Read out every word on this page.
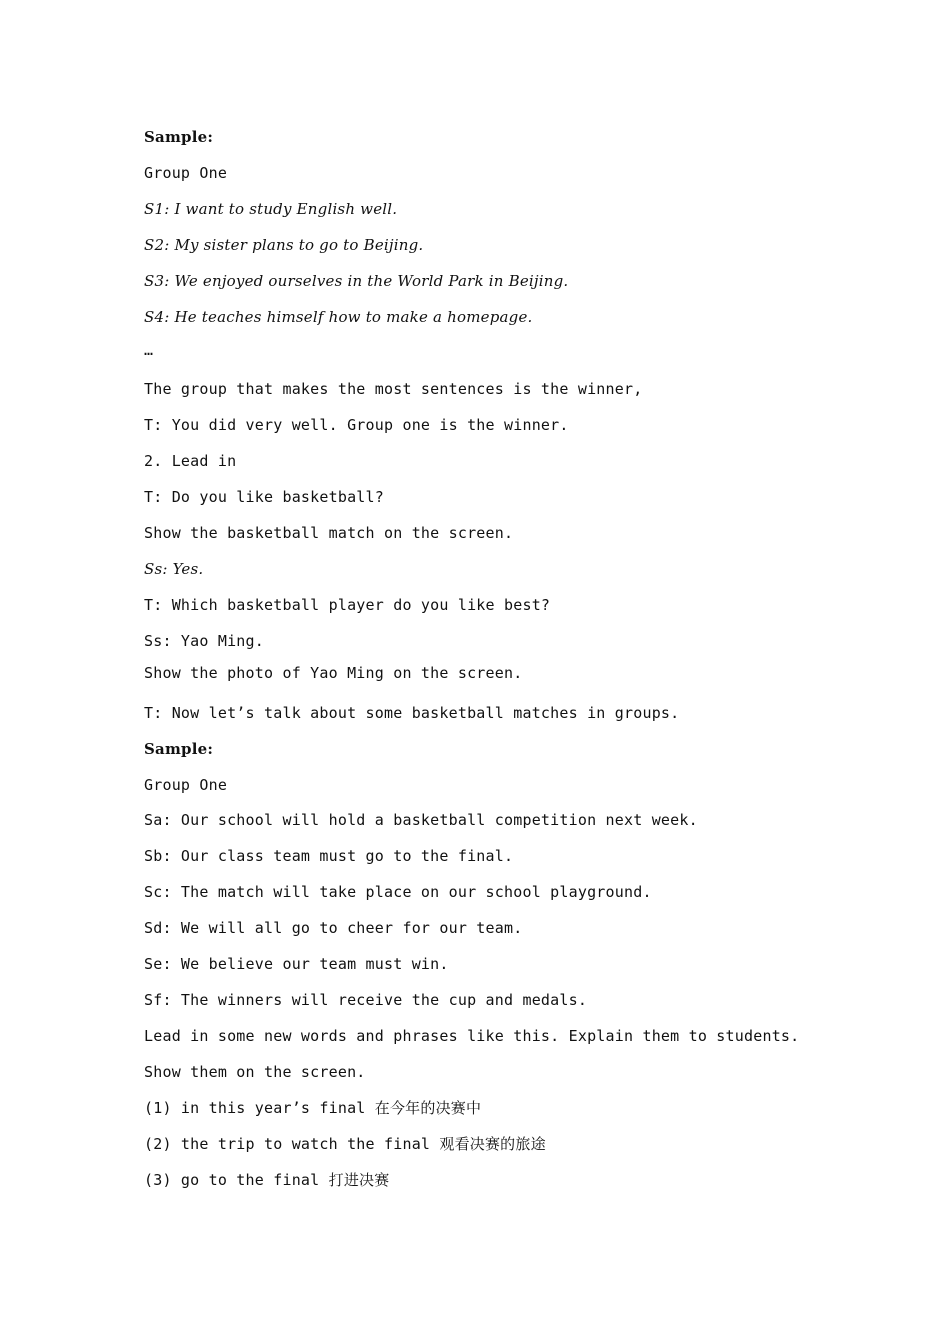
Sample:
Group One
S1: I want to study English well.
S2: My sister plans to go to Beijing.
S3: We enjoyed ourselves in the World Park in Beijing.
S4: He teaches himself how to make a homepage.
…
The group that makes the most sentences is the winner,
T: You did very well. Group one is the winner.
2. Lead in
T: Do you like basketball?
Show the basketball match on the screen.
Ss: Yes.
T: Which basketball player do you like best?
Ss: Yao Ming.
Show the photo of Yao Ming on the screen.
T: Now let’s talk about some basketball matches in groups.
Sample:
Group One
Sa: Our school will hold a basketball competition next week.
Sb: Our class team must go to the final.
Sc: The match will take place on our school playground.
Sd: We will all go to cheer for our team.
Se: We believe our team must win.
Sf: The winners will receive the cup and medals.
Lead in some new words and phrases like this. Explain them to students.
Show them on the screen.
(1) in this year’s final 在今年的决赛中
(2) the trip to watch the final 观看决赛的旅途
(3) go to the final 打进决赛
